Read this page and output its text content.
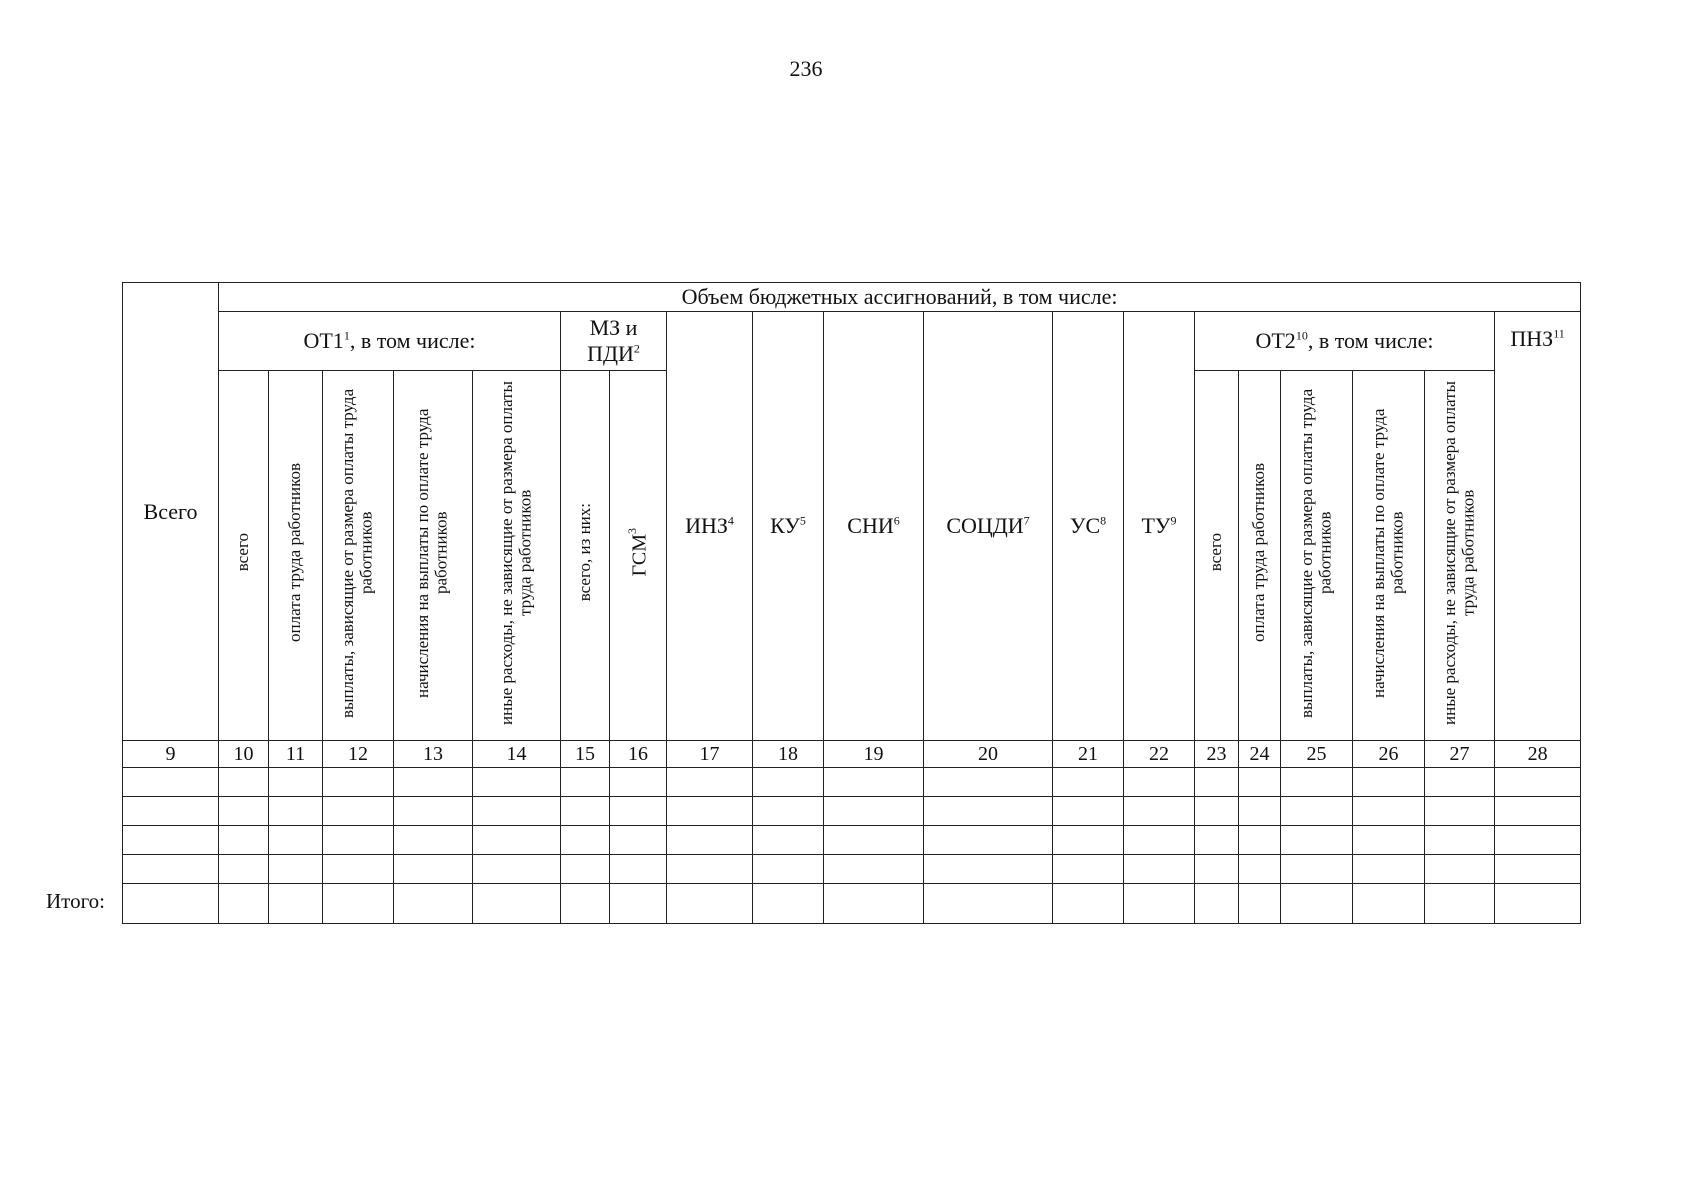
236
Всего	Объем бюджетных ассигнований, в том числе:																		
	$ОТ1^1$, в том числе:					МЗ и ПДИ$^2$		ИНЗ$^4$	$КУ^5$	СНИ$^6$	СОЦДИ$^7$	$УС^8$	$ТУ^9$	$ОТ2^{10}$, в том числе:					ПНЗ$^{11}$
	всего	оплата труда работников	выплаты, зависящие от размера оплаты труда работников	начисления на выплаты по оплате труда работников	иные расходы, не зависящие от размера оплаты труда работников	всего, из них:	ГСМ$^3$							всего	оплата труда работников	выплаты, зависящие от размера оплаты труда работников	начисления на выплаты по оплате труда работников	иные расходы, не зависящие от размера оплаты труда работников	
9	10	11	12	13	14	15	16	17	18	19	20	21	22	23	24	25	26	27	28

Итого:
